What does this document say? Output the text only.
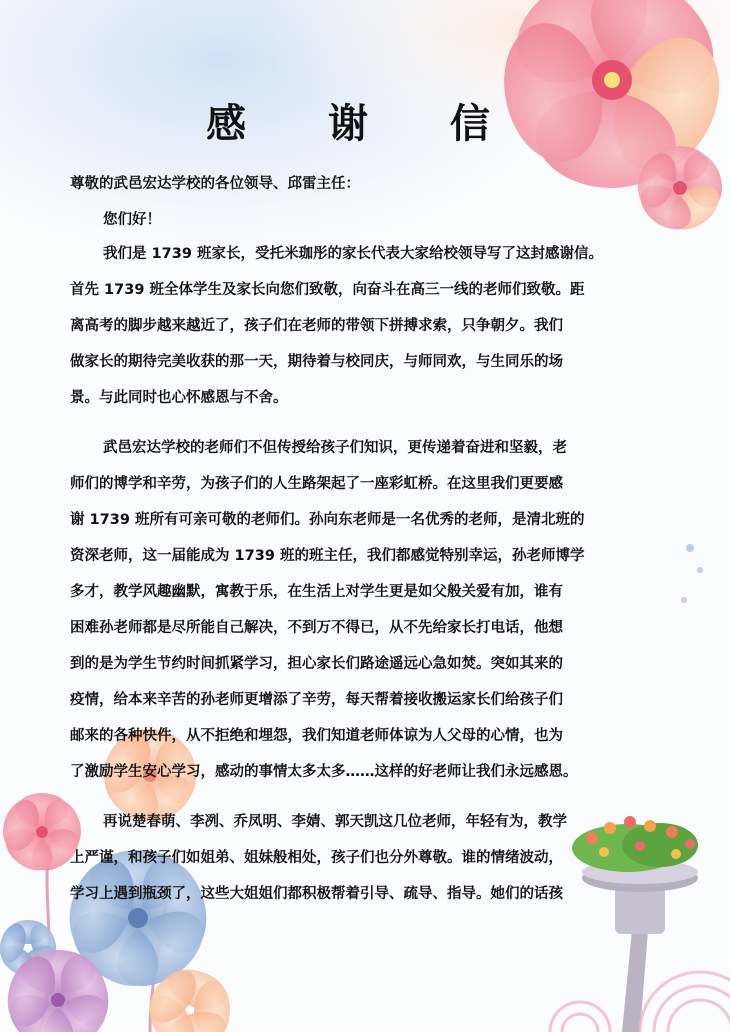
感 谢 信
尊敬的武邑宏达学校的各位领导、邱雷主任：
您们好！
我们是 1739 班家长，受托米珈彤的家长代表大家给校领导写了这封感谢信。
首先 1739 班全体学生及家长向您们致敬，向奋斗在高三一线的老师们致敬。距
离高考的脚步越来越近了，孩子们在老师的带领下拼搏求索，只争朝夕。我们
做家长的期待完美收获的那一天，期待着与校同庆，与师同欢，与生同乐的场
景。与此同时也心怀感恩与不舍。
武邑宏达学校的老师们不但传授给孩子们知识，更传递着奋进和坚毅，老
师们的博学和辛劳，为孩子们的人生路架起了一座彩虹桥。在这里我们更要感
谢 1739 班所有可亲可敬的老师们。孙向东老师是一名优秀的老师，是清北班的
资深老师，这一届能成为 1739 班的班主任，我们都感觉特别幸运，孙老师博学
多才，教学风趣幽默，寓教于乐，在生活上对学生更是如父般关爱有加，谁有
困难孙老师都是尽所能自己解决，不到万不得已，从不先给家长打电话，他想
到的是为学生节约时间抓紧学习，担心家长们路途遥远心急如焚。突如其来的
疫情，给本来辛苦的孙老师更增添了辛劳，每天帮着接收搬运家长们给孩子们
邮来的各种快件，从不拒绝和埋怨，我们知道老师体谅为人父母的心情，也为
了激励学生安心学习，感动的事情太多太多……这样的好老师让我们永远感恩。
再说楚春萌、李冽、乔凤明、李婧、郭天凯这几位老师，年轻有为，教学
上严谨，和孩子们如姐弟、姐妹般相处，孩子们也分外尊敬。谁的情绪波动，
学习上遇到瓶颈了，这些大姐姐们都积极帮着引导、疏导、指导。她们的话孩
